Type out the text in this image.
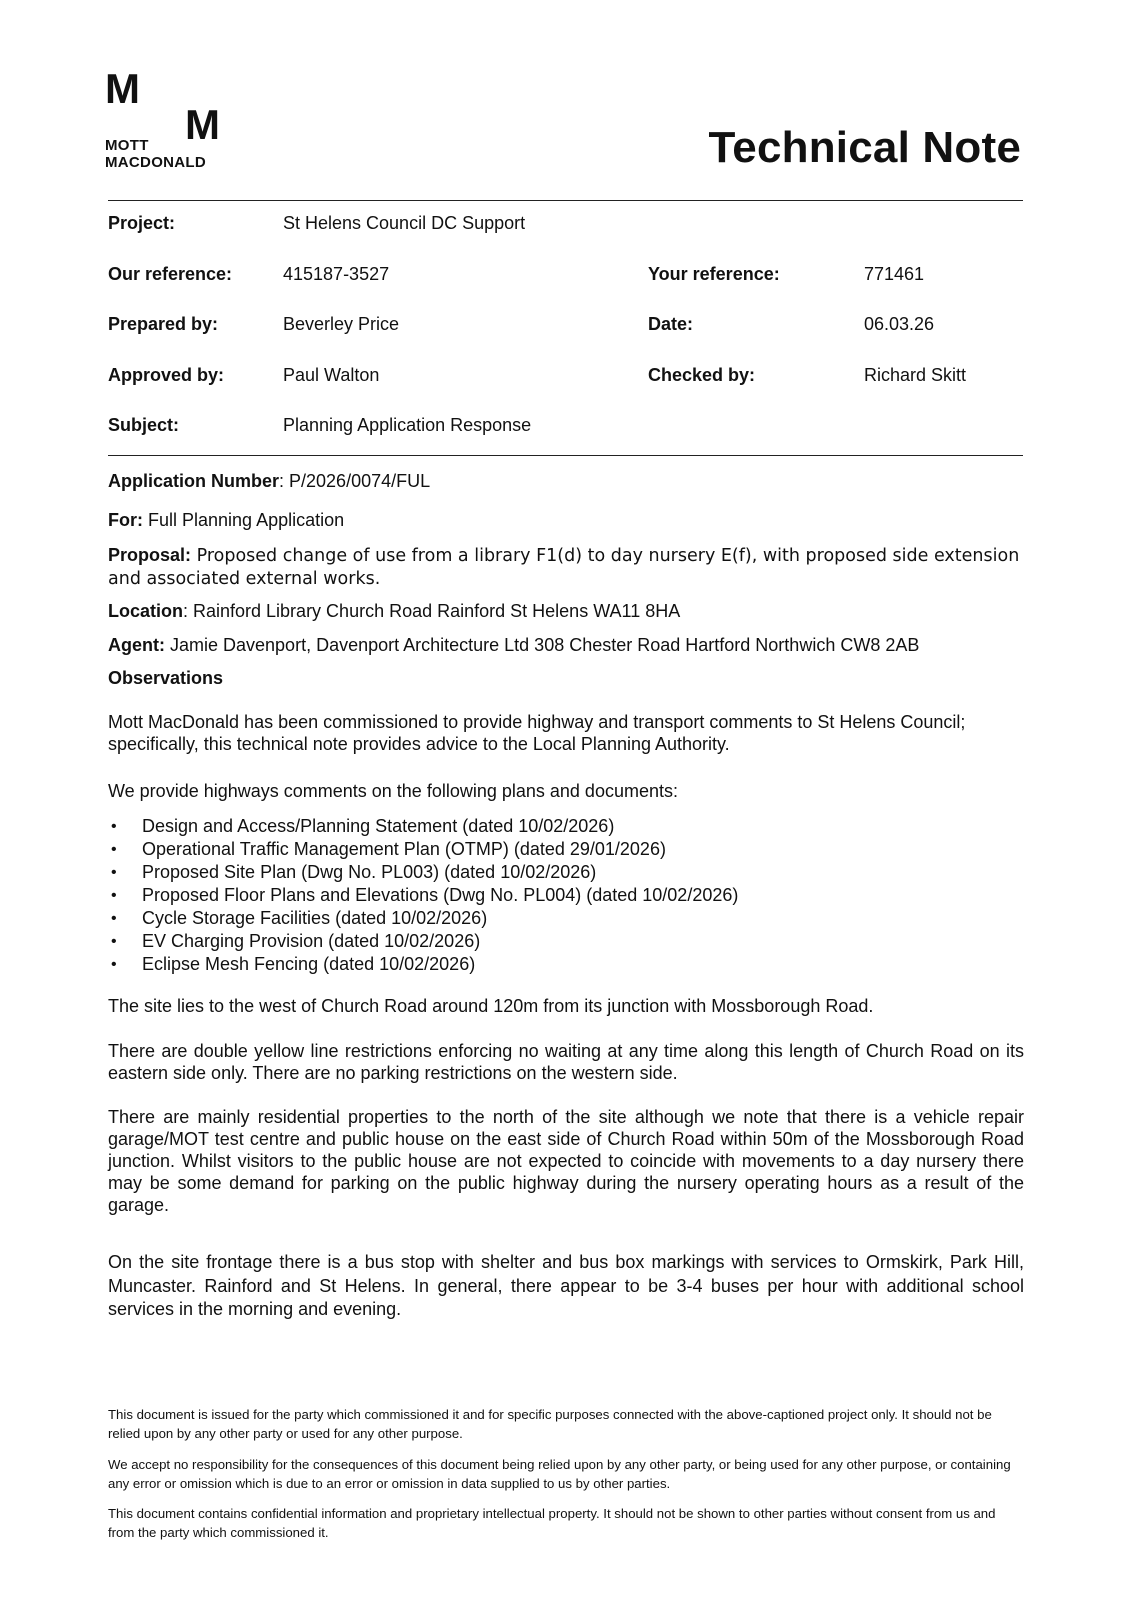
M
M
MOTT
MACDONALD	Technical Note
Project:	St Helens Council DC Support
Our reference:	415187-3527	Your reference:	771461
Prepared by:	Beverley Price	Date:	06.03.26
Approved by:	Paul Walton	Checked by:	Richard Skitt
Subject:	Planning Application Response
Application Number: P/2026/0074/FUL
For: Full Planning Application
Proposal: Proposed change of use from a library F1(d) to day nursery E(f), with proposed side extension and associated external works.
Location: Rainford Library Church Road Rainford St Helens WA11 8HA
Agent: Jamie Davenport, Davenport Architecture Ltd 308 Chester Road Hartford Northwich CW8 2AB
Observations
Mott MacDonald has been commissioned to provide highway and transport comments to St Helens Council; specifically, this technical note provides advice to the Local Planning Authority.
We provide highways comments on the following plans and documents:
• Design and Access/Planning Statement (dated 10/02/2026)
• Operational Traffic Management Plan (OTMP) (dated 29/01/2026)
• Proposed Site Plan (Dwg No. PL003) (dated 10/02/2026)
• Proposed Floor Plans and Elevations (Dwg No. PL004) (dated 10/02/2026)
• Cycle Storage Facilities (dated 10/02/2026)
• EV Charging Provision (dated 10/02/2026)
• Eclipse Mesh Fencing (dated 10/02/2026)
The site lies to the west of Church Road around 120m from its junction with Mossborough Road.
There are double yellow line restrictions enforcing no waiting at any time along this length of Church Road on its eastern side only. There are no parking restrictions on the western side.
There are mainly residential properties to the north of the site although we note that there is a vehicle repair garage/MOT test centre and public house on the east side of Church Road within 50m of the Mossborough Road junction. Whilst visitors to the public house are not expected to coincide with movements to a day nursery there may be some demand for parking on the public highway during the nursery operating hours as a result of the garage.
On the site frontage there is a bus stop with shelter and bus box markings with services to Ormskirk, Park Hill, Muncaster. Rainford and St Helens. In general, there appear to be 3-4 buses per hour with additional school services in the morning and evening.
This document is issued for the party which commissioned it and for specific purposes connected with the above-captioned project only. It should not be relied upon by any other party or used for any other purpose.
We accept no responsibility for the consequences of this document being relied upon by any other party, or being used for any other purpose, or containing any error or omission which is due to an error or omission in data supplied to us by other parties.
This document contains confidential information and proprietary intellectual property. It should not be shown to other parties without consent from us and from the party which commissioned it.
